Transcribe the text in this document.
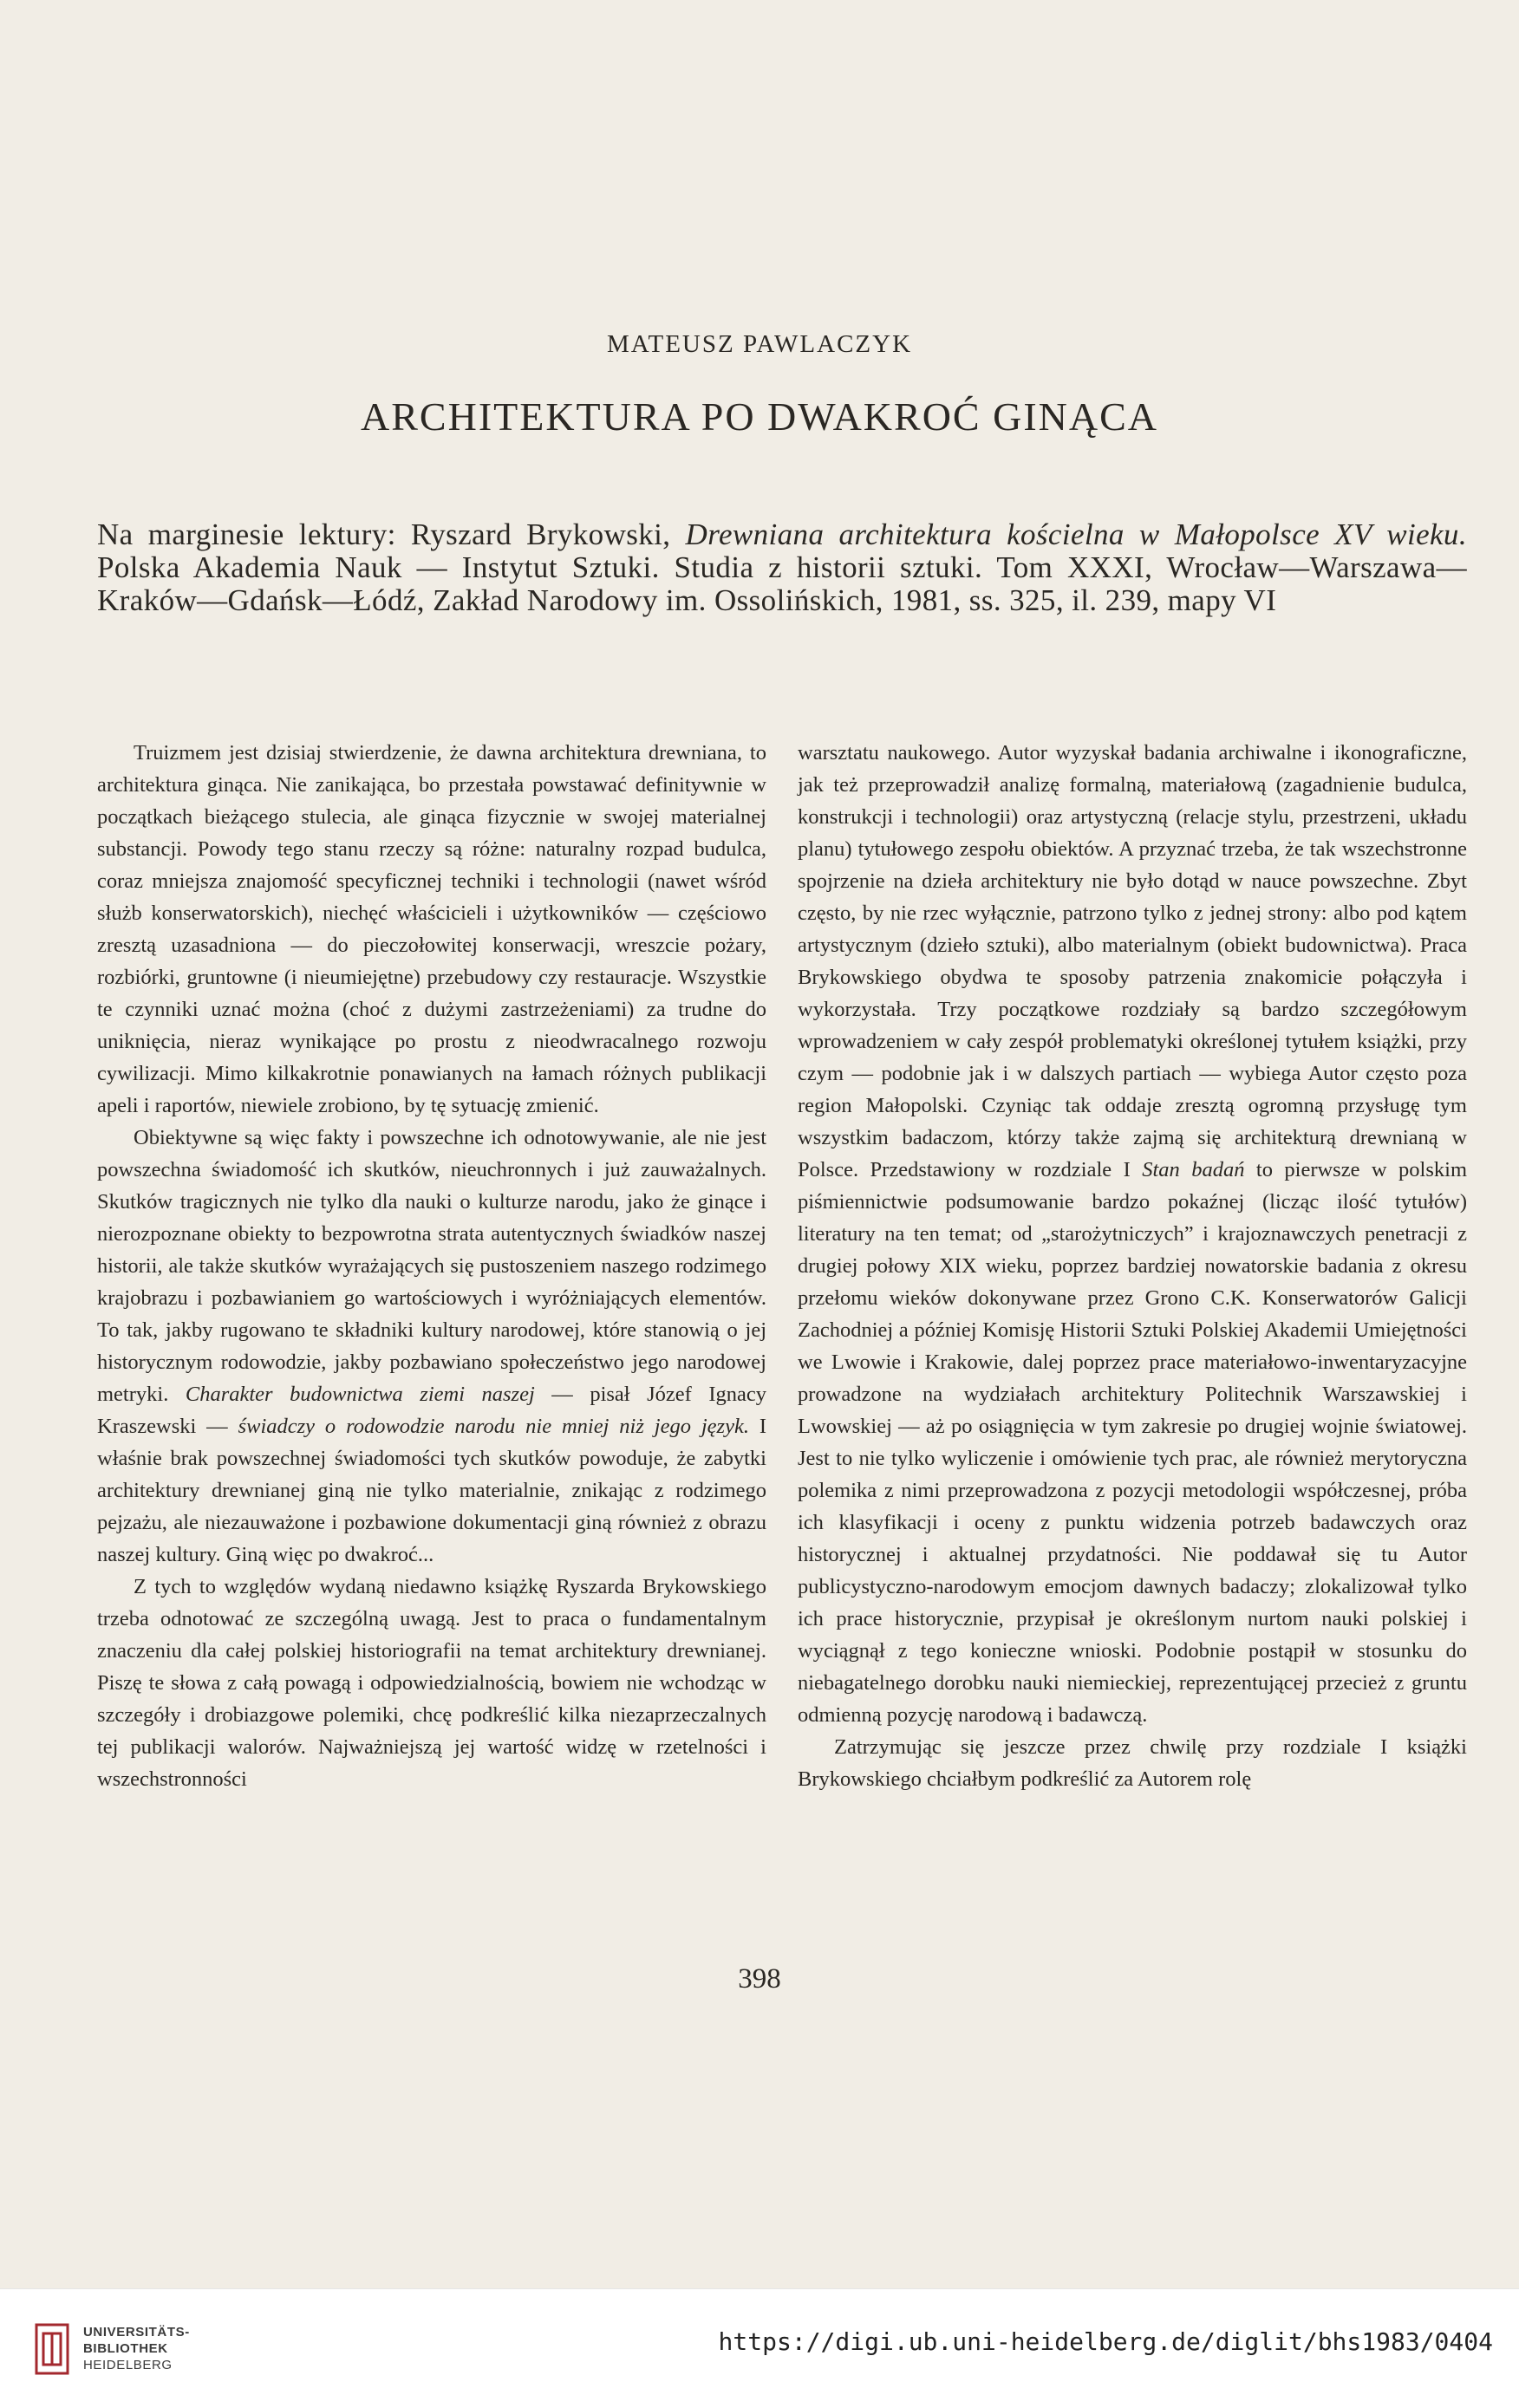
MATEUSZ PAWLACZYK
ARCHITEKTURA PO DWAKROĆ GINĄCA
Na marginesie lektury: Ryszard Brykowski, Drewniana architektura kościelna w Małopolsce XV wieku. Polska Akademia Nauk — Instytut Sztuki. Studia z historii sztuki. Tom XXXI, Wrocław—Warszawa—Kraków—Gdańsk—Łódź, Zakład Narodowy im. Ossolińskich, 1981, ss. 325, il. 239, mapy VI

Truizmem jest dzisiaj stwierdzenie, że dawna architektura drewniana, to architektura ginąca. Nie zanikająca, bo przestała powstawać definitywnie w początkach bieżącego stulecia, ale ginąca fizycznie w swojej materialnej substancji. Powody tego stanu rzeczy są różne: naturalny rozpad budulca, coraz mniejsza znajomość specyficznej techniki i technologii (nawet wśród służb konserwatorskich), niechęć właścicieli i użytkowników — częściowo zresztą uzasadniona — do pieczołowitej konserwacji, wreszcie pożary, rozbiórki, gruntowne (i nieumiejętne) przebudowy czy restauracje. Wszystkie te czynniki uznać można (choć z dużymi zastrzeżeniami) za trudne do uniknięcia, nieraz wynikające po prostu z nieodwracalnego rozwoju cywilizacji. Mimo kilkakrotnie ponawianych na łamach różnych publikacji apeli i raportów, niewiele zrobiono, by tę sytuację zmienić.

Obiektywne są więc fakty i powszechne ich odnotowywanie, ale nie jest powszechna świadomość ich skutków, nieuchronnych i już zauważalnych. Skutków tragicznych nie tylko dla nauki o kulturze narodu, jako że ginące i nierozpoznane obiekty to bezpowrotna strata autentycznych świadków naszej historii, ale także skutków wyrażających się pustoszeniem naszego rodzimego krajobrazu i pozbawianiem go wartościowych i wyróżniających elementów. To tak, jakby rugowano te składniki kultury narodowej, które stanowią o jej historycznym rodowodzie, jakby pozbawiano społeczeństwo jego narodowej metryki. Charakter budownictwa ziemi naszej — pisał Józef Ignacy Kraszewski — świadczy o rodowodzie narodu nie mniej niż jego język. I właśnie brak powszechnej świadomości tych skutków powoduje, że zabytki architektury drewnianej giną nie tylko materialnie, znikając z rodzimego pejzażu, ale niezauważone i pozbawione dokumentacji giną również z obrazu naszej kultury. Giną więc po dwakroć...

Z tych to względów wydaną niedawno książkę Ryszarda Brykowskiego trzeba odnotować ze szczególną uwagą. Jest to praca o fundamentalnym znaczeniu dla całej polskiej historiografii na temat architektury drewnianej. Piszę te słowa z całą powagą i odpowiedzialnością, bowiem nie wchodząc w szczegóły i drobiazgowe polemiki, chcę podkreślić kilka niezaprzeczalnych tej publikacji walorów. Najważniejszą jej wartość widzę w rzetelności i wszechstronności

warsztatu naukowego. Autor wyzyskał badania archiwalne i ikonograficzne, jak też przeprowadził analizę formalną, materiałową (zagadnienie budulca, konstrukcji i technologii) oraz artystyczną (relacje stylu, przestrzeni, układu planu) tytułowego zespołu obiektów. A przyznać trzeba, że tak wszechstronne spojrzenie na dzieła architektury nie było dotąd w nauce powszechne. Zbyt często, by nie rzec wyłącznie, patrzono tylko z jednej strony: albo pod kątem artystycznym (dzieło sztuki), albo materialnym (obiekt budownictwa). Praca Brykowskiego obydwa te sposoby patrzenia znakomicie połączyła i wykorzystała. Trzy początkowe rozdziały są bardzo szczegółowym wprowadzeniem w cały zespół problematyki określonej tytułem książki, przy czym — podobnie jak i w dalszych partiach — wybiega Autor często poza region Małopolski. Czyniąc tak oddaje zresztą ogromną przysługę tym wszystkim badaczom, którzy także zajmą się architekturą drewnianą w Polsce. Przedstawiony w rozdziale I Stan badań to pierwsze w polskim piśmiennictwie podsumowanie bardzo pokaźnej (licząc ilość tytułów) literatury na ten temat; od „starożytniczych” i krajoznawczych penetracji z drugiej połowy XIX wieku, poprzez bardziej nowatorskie badania z okresu przełomu wieków dokonywane przez Grono C.K. Konserwatorów Galicji Zachodniej a później Komisję Historii Sztuki Polskiej Akademii Umiejętności we Lwowie i Krakowie, dalej poprzez prace materiałowo-inwentaryzacyjne prowadzone na wydziałach architektury Politechnik Warszawskiej i Lwowskiej — aż po osiągnięcia w tym zakresie po drugiej wojnie światowej. Jest to nie tylko wyliczenie i omówienie tych prac, ale również merytoryczna polemika z nimi przeprowadzona z pozycji metodologii współczesnej, próba ich klasyfikacji i oceny z punktu widzenia potrzeb badawczych oraz historycznej i aktualnej przydatności. Nie poddawał się tu Autor publicystyczno-narodowym emocjom dawnych badaczy; zlokalizował tylko ich prace historycznie, przypisał je określonym nurtom nauki polskiej i wyciągnął z tego konieczne wnioski. Podobnie postąpił w stosunku do niebagatelnego dorobku nauki niemieckiej, reprezentującej przecież z gruntu odmienną pozycję narodową i badawczą.

Zatrzymując się jeszcze przez chwilę przy rozdziale I książki Brykowskiego chciałbym podkreślić za Autorem rolę

398
UNIVERSITÄTS-
BIBLIOTHEK
HEIDELBERG
https://digi.ub.uni-heidelberg.de/diglit/bhs1983/0404
